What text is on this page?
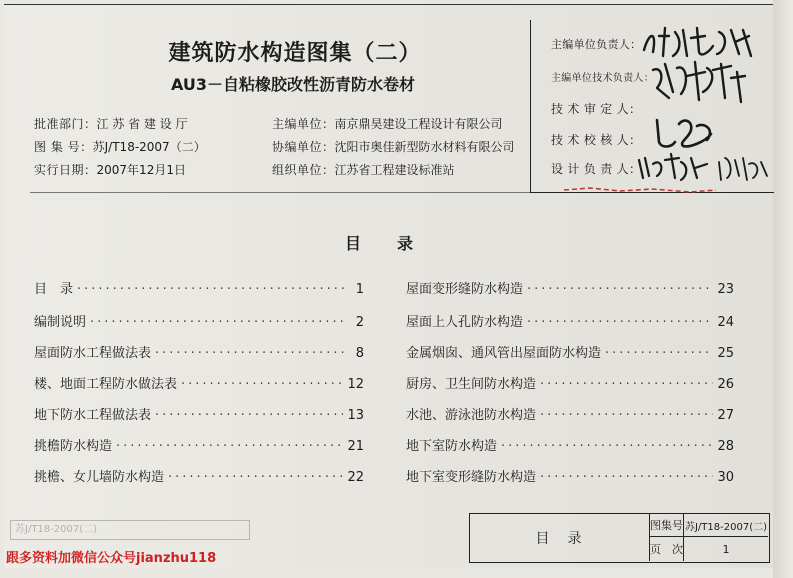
建筑防水构造图集（二）
AU3－自粘橡胶改性沥青防水卷材
批准部门：江 苏 省 建 设 厅
图 集 号：苏J/T18-2007（二）
实行日期：2007年12月1日
主编单位：南京鼎昊建设工程设计有限公司
协编单位：沈阳市奥佳新型防水材料有限公司
组织单位：江苏省工程建设标准站
主编单位负责人：
主编单位技术负责人：
技 术 审 定 人：
技 术 校 核 人：
设 计 负 责 人：
目 录
目　录 ·····	1
编制说明 ·····	2
屋面防水工程做法表 ·····	8
楼、地面工程防水做法表 ·····	12
地下防水工程做法表 ·····	13
挑檐防水构造 ·····	21
挑檐、女儿墙防水构造 ·····	22
屋面变形缝防水构造 ·····	23
屋面上人孔防水构造 ·····	24
金属烟囱、通风管出屋面防水构造 ·····	25
厨房、卫生间防水构造 ·····	26
水池、游泳池防水构造 ·····	27
地下室防水构造 ·····	28
地下室变形缝防水构造 ·····	30
苏J/T18-2007(二)
目　录
图集号 苏J/T18-2007(二)
页　次	1
跟多资料加微信公众号jianzhu118
